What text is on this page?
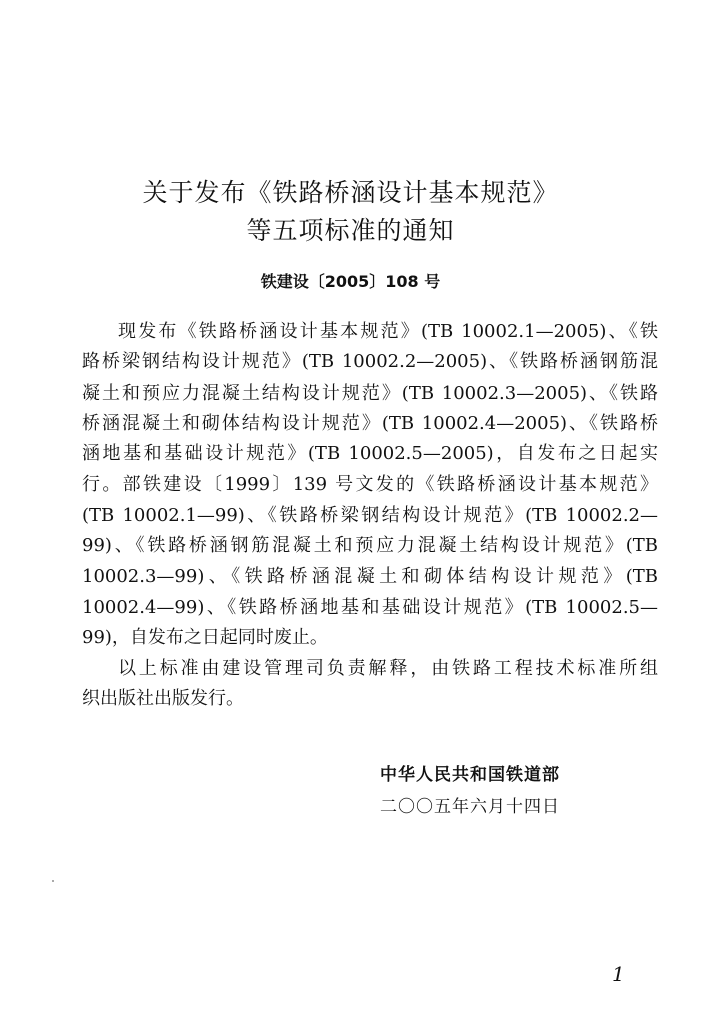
关于发布《铁路桥涵设计基本规范》
等五项标准的通知
铁建设〔2005〕108 号
现发布《铁路桥涵设计基本规范》(TB 10002.1—2005)、《铁
路桥梁钢结构设计规范》(TB 10002.2—2005)、《铁路桥涵钢筋混
凝土和预应力混凝土结构设计规范》(TB 10002.3—2005)、《铁路
桥涵混凝土和砌体结构设计规范》(TB 10002.4—2005)、《铁路桥
涵地基和基础设计规范》(TB 10002.5—2005)，自发布之日起实
行。部铁建设〔1999〕139 号文发的《铁路桥涵设计基本规范》
(TB 10002.1—99)、《铁路桥梁钢结构设计规范》(TB 10002.2—
99)、《铁路桥涵钢筋混凝土和预应力混凝土结构设计规范》(TB
10002.3—99)、《铁路桥涵混凝土和砌体结构设计规范》(TB
10002.4—99)、《铁路桥涵地基和基础设计规范》(TB 10002.5—
99)，自发布之日起同时废止。
以上标准由建设管理司负责解释，由铁路工程技术标准所组
织出版社出版发行。
中华人民共和国铁道部
二〇〇五年六月十四日
1
